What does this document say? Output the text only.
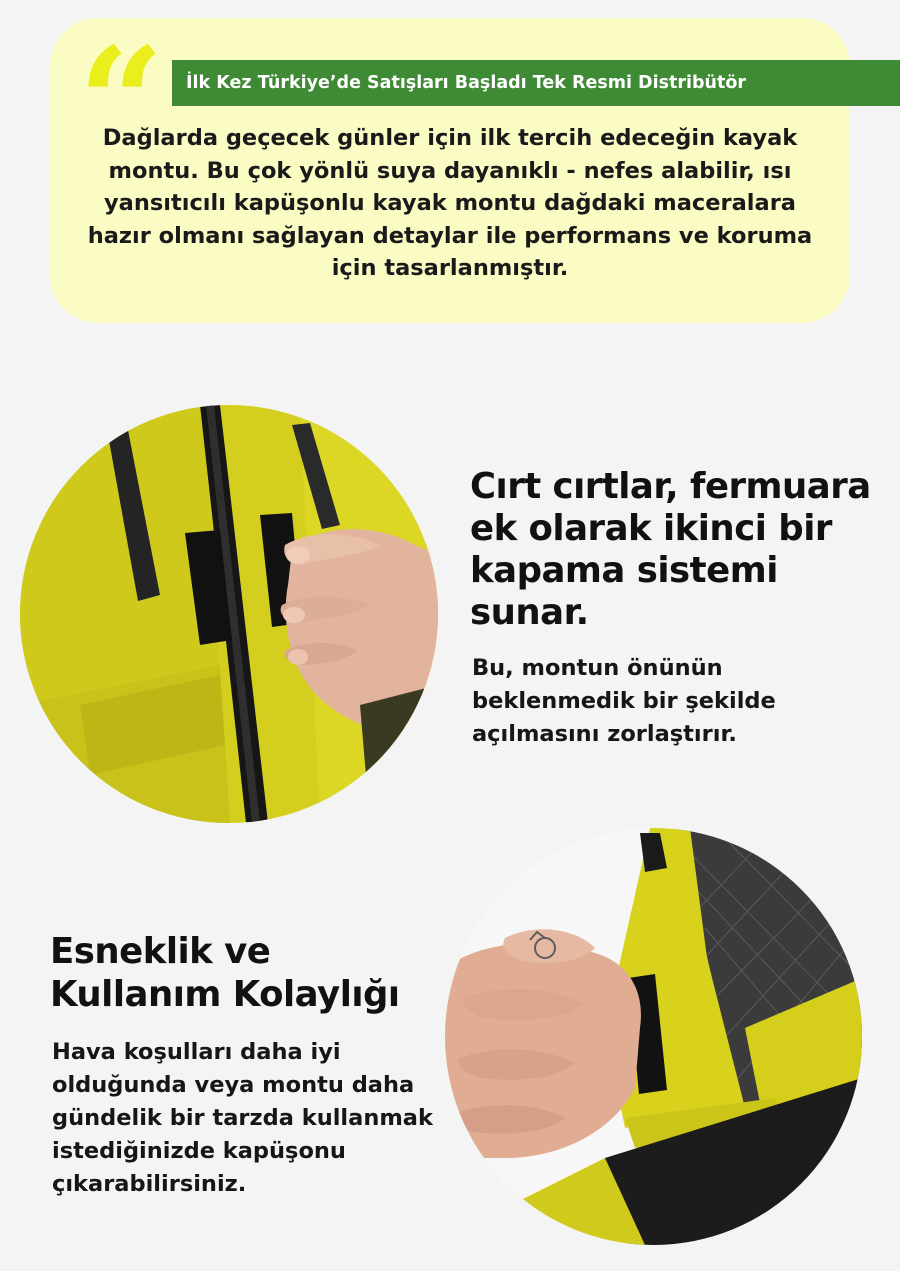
“	İlk Kez Türkiye’de Satışları Başladı Tek Resmi Distribütör

Dağlarda geçecek günler için ilk tercih edeceğin kayak montu. Bu çok yönlü suya dayanıklı - nefes alabilir, ısı yansıtıcılı kapüşonlu kayak montu dağdaki maceralara hazır olmanı sağlayan detaylar ile performans ve koruma için tasarlanmıştır.

Cırt cırtlar, fermuara ek olarak ikinci bir kapama sistemi sunar.

Bu, montun önünün beklenmedik bir şekilde açılmasını zorlaştırır.

Esneklik ve Kullanım Kolaylığı

Hava koşulları daha iyi olduğunda veya montu daha gündelik bir tarzda kullanmak istediğinizde kapüşonu çıkarabilirsiniz.
